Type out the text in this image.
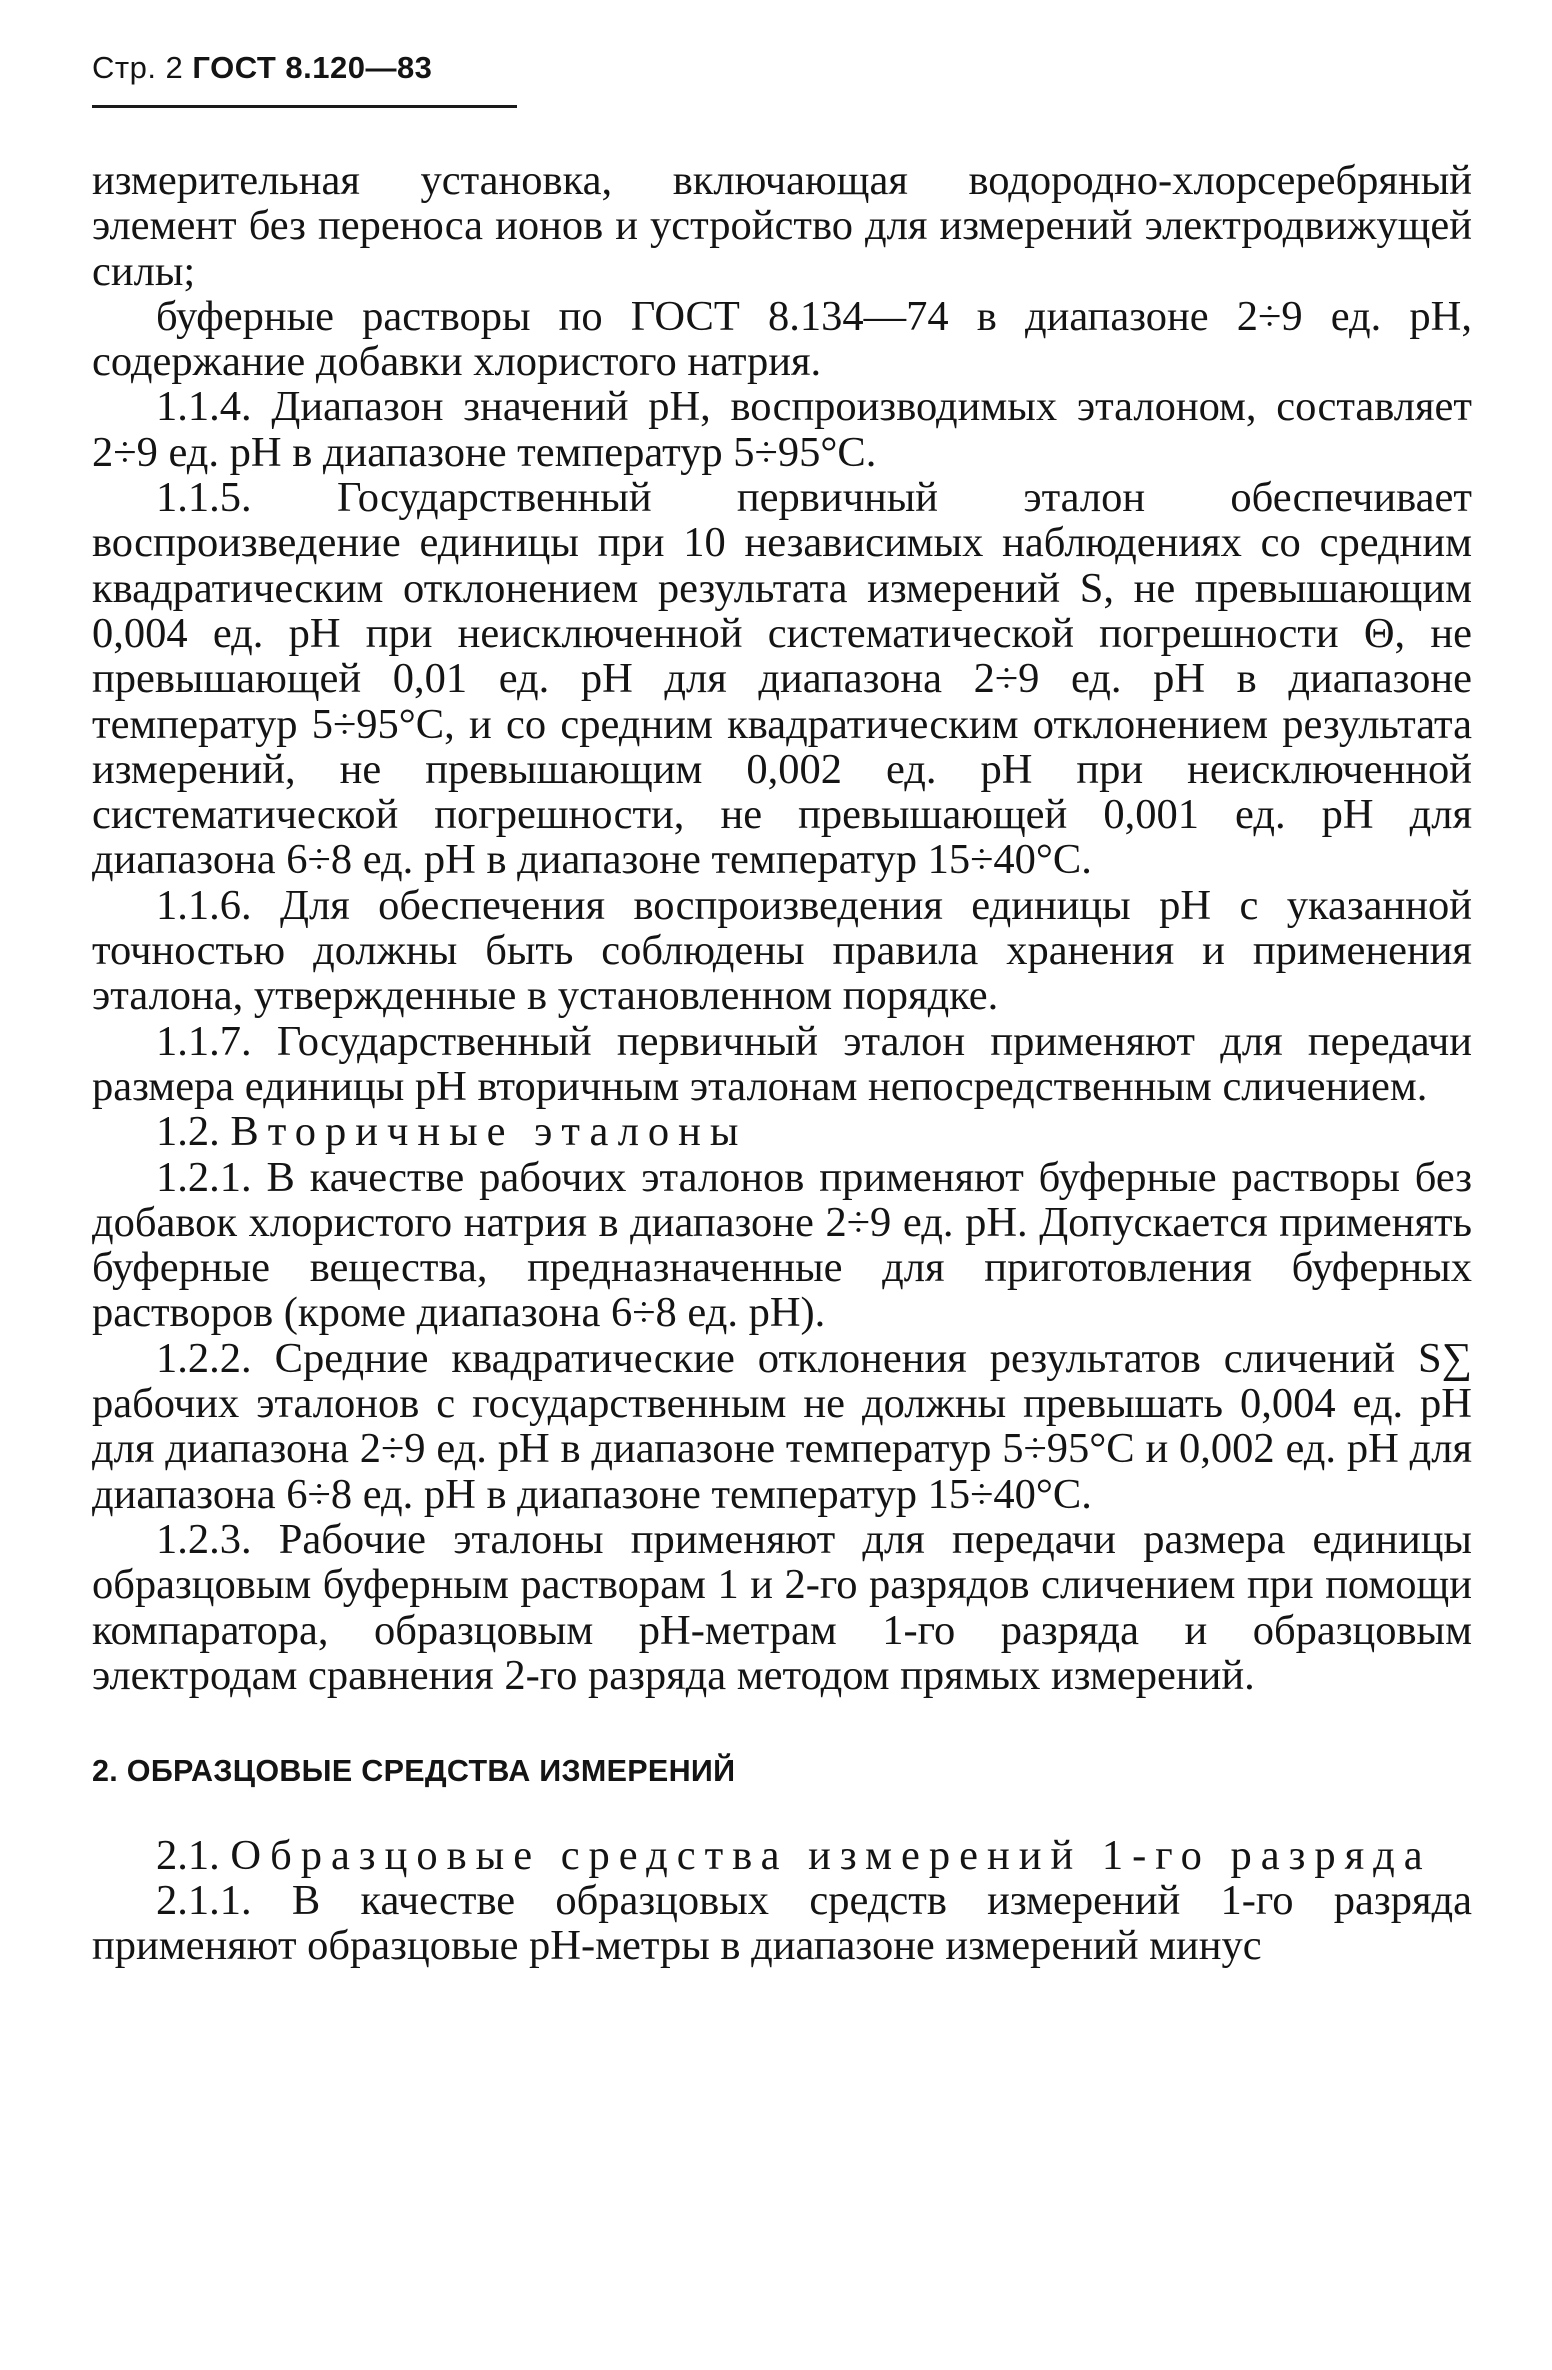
Стр. 2 ГОСТ 8.120—83

измерительная установка, включающая водородно-хлорсеребряный элемент без переноса ионов и устройство для измерений электродвижущей силы;

буферные растворы по ГОСТ 8.134—74 в диапазоне 2÷9 ед. pH, содержание добавки хлористого натрия.

1.1.4. Диапазон значений pH, воспроизводимых эталоном, составляет 2÷9 ед. pH в диапазоне температур 5÷95°С.

1.1.5. Государственный первичный эталон обеспечивает воспроизведение единицы при 10 независимых наблюдениях со средним квадратическим отклонением результата измерений S, не превышающим 0,004 ед. pH при неисключенной систематической погрешности Θ, не превышающей 0,01 ед. pH для диапазона 2÷9 ед. pH в диапазоне температур 5÷95°С, и со средним квадратическим отклонением результата измерений, не превышающим 0,002 ед. pH при неисключенной систематической погрешности, не превышающей 0,001 ед. pH для диапазона 6÷8 ед. pH в диапазоне температур 15÷40°С.

1.1.6. Для обеспечения воспроизведения единицы pH с указанной точностью должны быть соблюдены правила хранения и применения эталона, утвержденные в установленном порядке.

1.1.7. Государственный первичный эталон применяют для передачи размера единицы pH вторичным эталонам непосредственным сличением.

1.2. Вторичные эталоны

1.2.1. В качестве рабочих эталонов применяют буферные растворы без добавок хлористого натрия в диапазоне 2÷9 ед. pH. Допускается применять буферные вещества, предназначенные для приготовления буферных растворов (кроме диапазона 6÷8 ед. pH).

1.2.2. Средние квадратические отклонения результатов сличений S∑ рабочих эталонов с государственным не должны превышать 0,004 ед. pH для диапазона 2÷9 ед. pH в диапазоне температур 5÷95°С и 0,002 ед. pH для диапазона 6÷8 ед. pH в диапазоне температур 15÷40°С.

1.2.3. Рабочие эталоны применяют для передачи размера единицы образцовым буферным растворам 1 и 2-го разрядов сличением при помощи компаратора, образцовым pH-метрам 1-го разряда и образцовым электродам сравнения 2-го разряда методом прямых измерений.

2. ОБРАЗЦОВЫЕ СРЕДСТВА ИЗМЕРЕНИЙ

2.1. Образцовые средства измерений 1-го разряда

2.1.1. В качестве образцовых средств измерений 1-го разряда применяют образцовые pH-метры в диапазоне измерений минус
